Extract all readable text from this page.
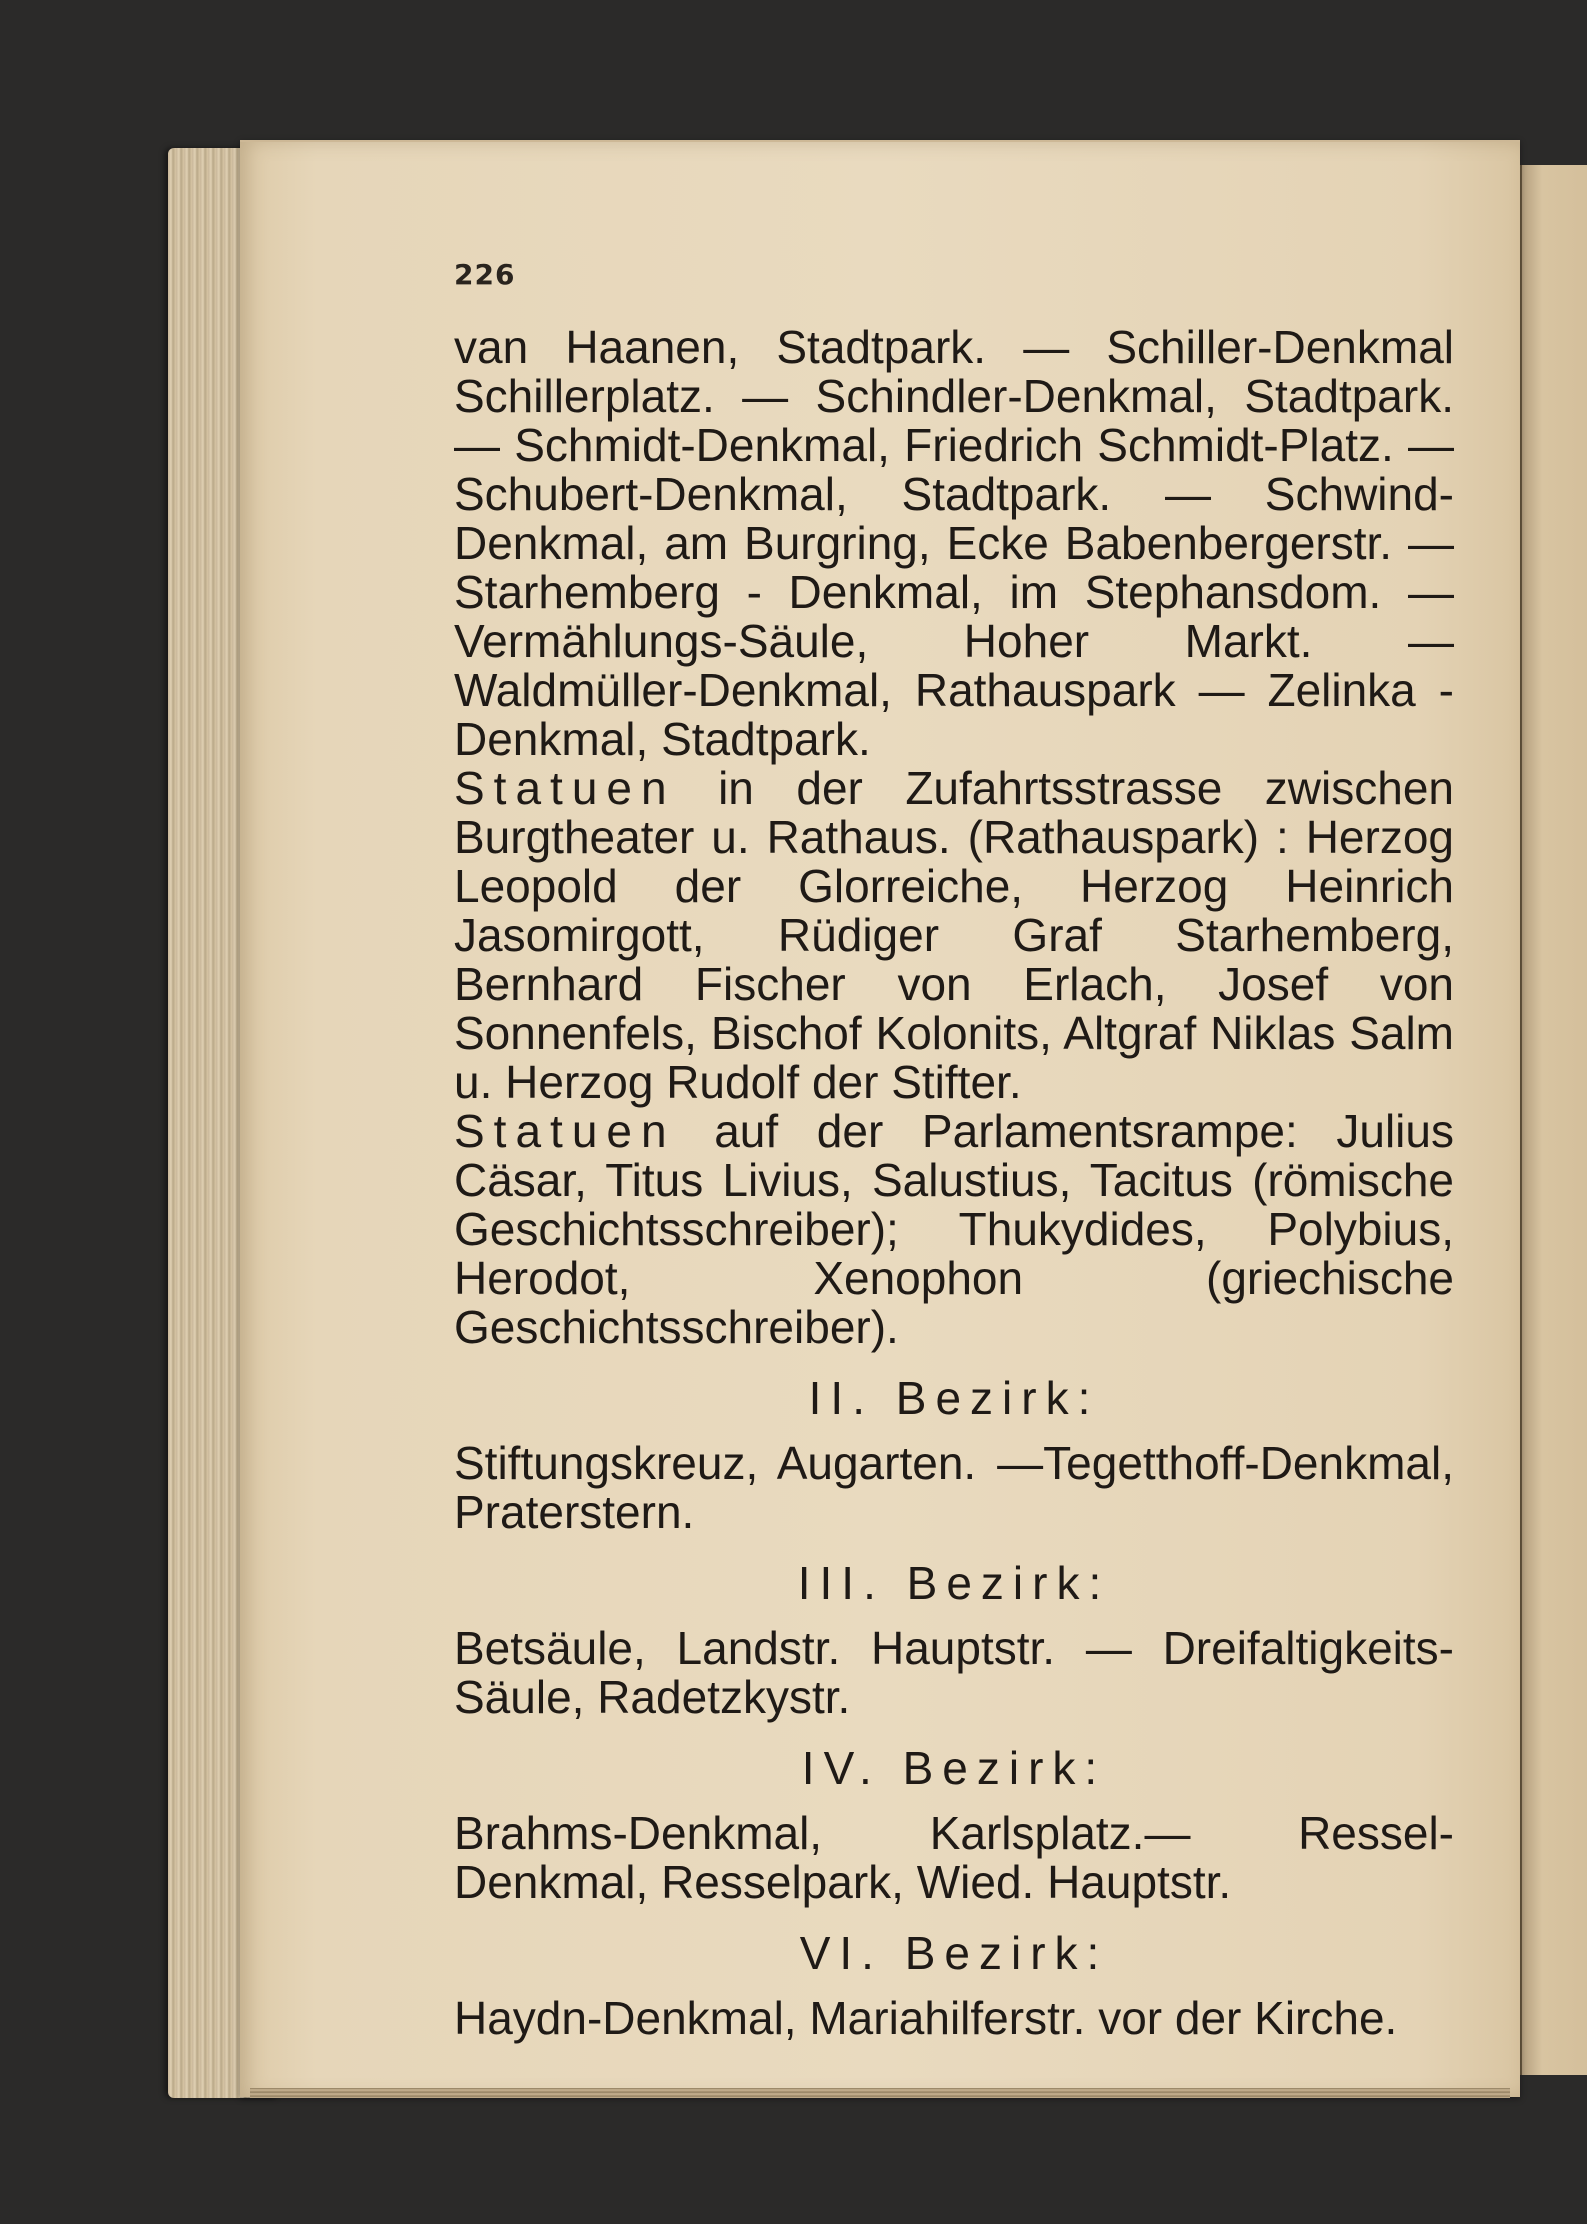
226

van Haanen, Stadtpark. — Schiller-Denkmal Schillerplatz. — Schindler-Denkmal, Stadtpark. — Schmidt-Denkmal, Friedrich Schmidt-Platz. — Schubert-Denkmal, Stadtpark. — Schwind-Denkmal, am Burgring, Ecke Babenbergerstr. — Starhemberg - Denkmal, im Stephansdom. — Vermählungs-Säule, Hoher Markt. — Waldmüller-Denkmal, Rathauspark — Zelinka - Denkmal, Stadtpark.

Statuen in der Zufahrtsstrasse zwischen Burgtheater u. Rathaus. (Rathauspark) : Herzog Leopold der Glorreiche, Herzog Heinrich Jasomirgott, Rüdiger Graf Starhemberg, Bernhard Fischer von Erlach, Josef von Sonnenfels, Bischof Kolonits, Altgraf Niklas Salm u. Herzog Rudolf der Stifter.

Statuen auf der Parlamentsrampe: Julius Cäsar, Titus Livius, Salustius, Tacitus (römische Geschichtsschreiber); Thukydides, Polybius, Herodot, Xenophon (griechische Geschichtsschreiber).

II. Bezirk:

Stiftungskreuz, Augarten. —Tegetthoff-Denkmal, Praterstern.

III. Bezirk:

Betsäule, Landstr. Hauptstr. — Dreifaltigkeits-Säule, Radetzkystr.

IV. Bezirk:

Brahms-Denkmal, Karlsplatz.— Ressel-Denkmal, Resselpark, Wied. Hauptstr.

VI. Bezirk:

Haydn-Denkmal, Mariahilferstr. vor der Kirche.
